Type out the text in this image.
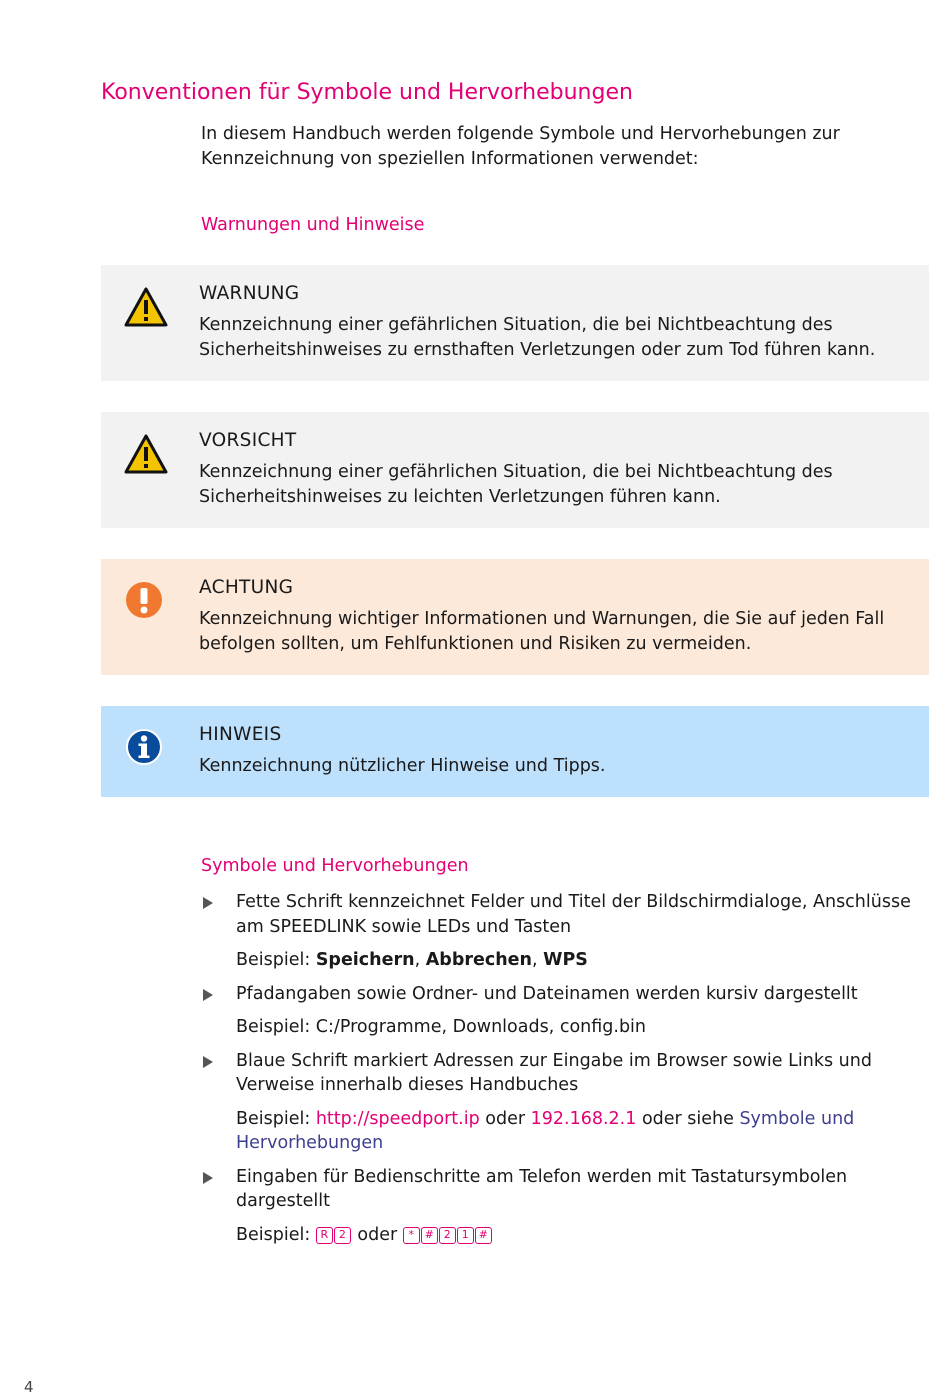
Konventionen für Symbole und Hervorhebungen

In diesem Handbuch werden folgende Symbole und Hervorhebungen zur Kennzeichnung von speziellen Informationen verwendet:

Warnungen und Hinweise

WARNUNG

Kennzeichnung einer gefährlichen Situation, die bei Nichtbeachtung des Sicherheitshinweises zu ernsthaften Verletzungen oder zum Tod führen kann.

VORSICHT

Kennzeichnung einer gefährlichen Situation, die bei Nichtbeachtung des Sicherheitshinweises zu leichten Verletzungen führen kann.

ACHTUNG

Kennzeichnung wichtiger Informationen und Warnungen, die Sie auf jeden Fall befolgen sollten, um Fehlfunktionen und Risiken zu vermeiden.

HINWEIS

Kennzeichnung nützlicher Hinweise und Tipps.

Symbole und Hervorhebungen

Fette Schrift kennzeichnet Felder und Titel der Bildschirmdialoge, Anschlüsse am SPEEDLINK sowie LEDs und Tasten

Beispiel: Speichern, Abbrechen, WPS

Pfadangaben sowie Ordner- und Dateinamen werden kursiv dargestellt

Beispiel: C:/Programme, Downloads, config.bin

Blaue Schrift markiert Adressen zur Eingabe im Browser sowie Links und Verweise innerhalb dieses Handbuches

Beispiel: http://speedport.ip oder 192.168.2.1 oder siehe Symbole und Hervorhebungen

Eingaben für Bedienschritte am Telefon werden mit Tastatursymbolen dargestellt

Beispiel: R 2 oder * # 2 1 #

4
